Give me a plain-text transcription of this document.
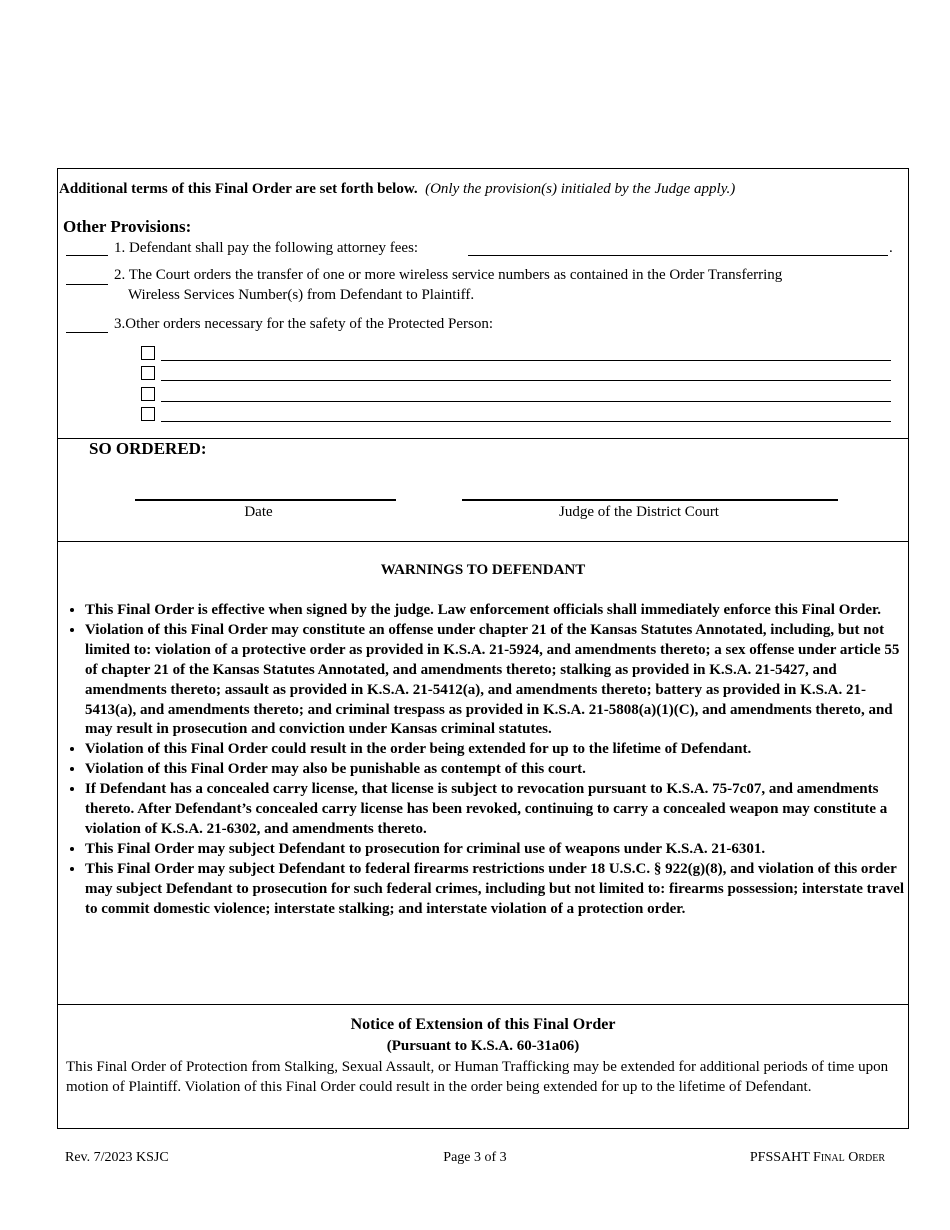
Additional terms of this Final Order are set forth below. (Only the provision(s) initialed by the Judge apply.)
Other Provisions:
1. Defendant shall pay the following attorney fees:	.
2. The Court orders the transfer of one or more wireless service numbers as contained in the Order Transferring
Wireless Services Number(s) from Defendant to Plaintiff.
3.Other orders necessary for the safety of the Protected Person:
SO ORDERED:
Date	Judge of the District Court
WARNINGS TO DEFENDANT
• This Final Order is effective when signed by the judge. Law enforcement officials shall immediately enforce this Final Order.
• Violation of this Final Order may constitute an offense under chapter 21 of the Kansas Statutes Annotated, including, but not limited to: violation of a protective order as provided in K.S.A. 21-5924, and amendments thereto; a sex offense under article 55 of chapter 21 of the Kansas Statutes Annotated, and amendments thereto; stalking as provided in K.S.A. 21-5427, and amendments thereto; assault as provided in K.S.A. 21-5412(a), and amendments thereto; battery as provided in K.S.A. 21-5413(a), and amendments thereto; and criminal trespass as provided in K.S.A. 21-5808(a)(1)(C), and amendments thereto, and may result in prosecution and conviction under Kansas criminal statutes.
• Violation of this Final Order could result in the order being extended for up to the lifetime of Defendant.
• Violation of this Final Order may also be punishable as contempt of this court.
• If Defendant has a concealed carry license, that license is subject to revocation pursuant to K.S.A. 75-7c07, and amendments thereto. After Defendant’s concealed carry license has been revoked, continuing to carry a concealed weapon may constitute a violation of K.S.A. 21-6302, and amendments thereto.
• This Final Order may subject Defendant to prosecution for criminal use of weapons under K.S.A. 21-6301.
• This Final Order may subject Defendant to federal firearms restrictions under 18 U.S.C. § 922(g)(8), and violation of this order may subject Defendant to prosecution for such federal crimes, including but not limited to: firearms possession; interstate travel to commit domestic violence; interstate stalking; and interstate violation of a protection order.
Notice of Extension of this Final Order
(Pursuant to K.S.A. 60-31a06)
This Final Order of Protection from Stalking, Sexual Assault, or Human Trafficking may be extended for additional periods of time upon motion of Plaintiff. Violation of this Final Order could result in the order being extended for up to the lifetime of Defendant.
Rev. 7/2023 KSJC	Page 3 of 3	PFSSAHT Final Order
